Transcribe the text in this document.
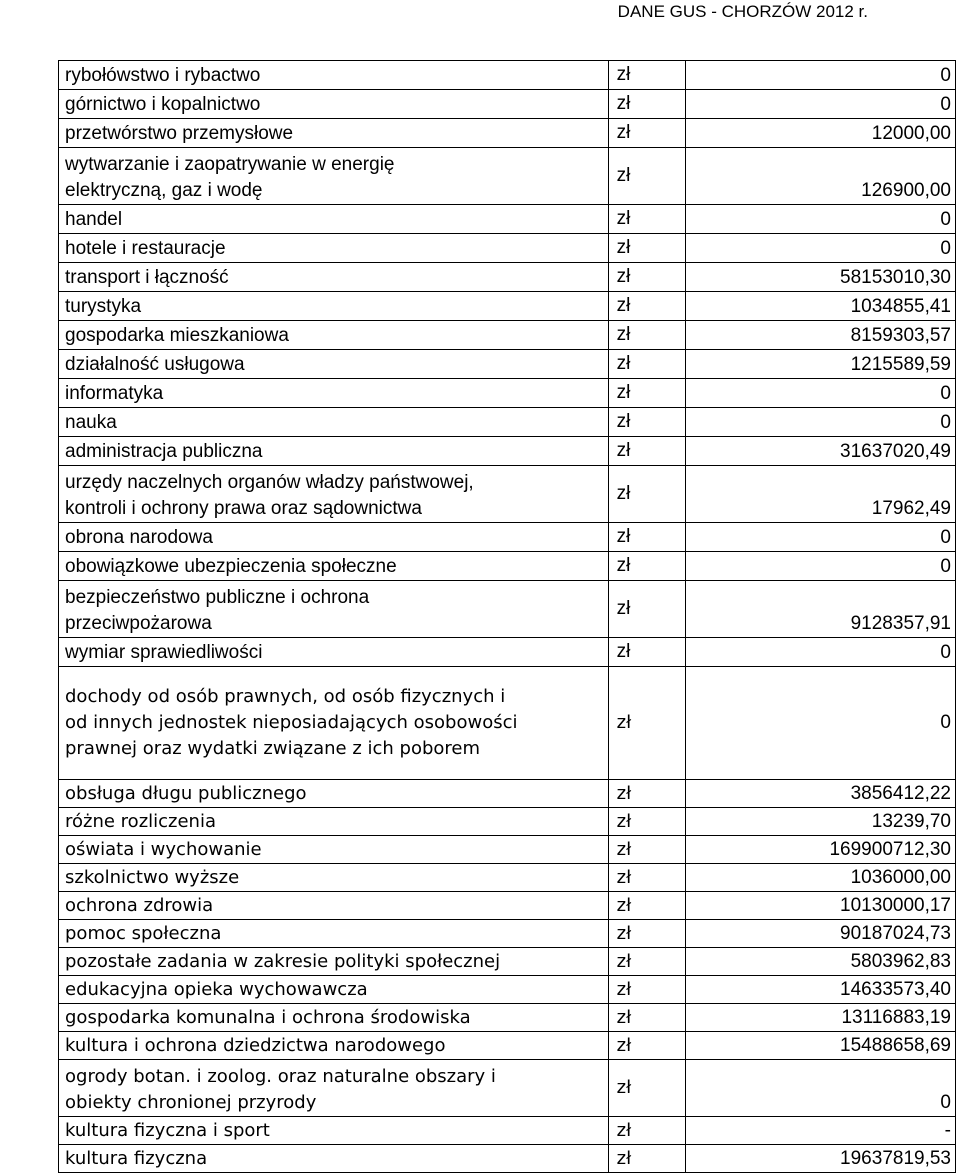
DANE GUS - CHORZÓW 2012 r.
rybołówstwo i rybactwo	zł	0

górnictwo i kopalnictwo	zł	0

przetwórstwo przemysłowe	zł	12000,00

wytwarzanie i zaopatrywanie w energię
elektryczną, gaz i wodę	zł	126900,00

handel	zł	0

hotele i restauracje	zł	0

transport i łączność	zł	58153010,30

turystyka	zł	1034855,41

gospodarka mieszkaniowa	zł	8159303,57

działalność usługowa	zł	1215589,59

informatyka	zł	0

nauka	zł	0

administracja publiczna	zł	31637020,49

urzędy naczelnych organów władzy państwowej,
kontroli i ochrony prawa oraz sądownictwa	zł	17962,49

obrona narodowa	zł	0

obowiązkowe ubezpieczenia społeczne	zł	0

bezpieczeństwo publiczne i ochrona
przeciwpożarowa	zł	9128357,91

wymiar sprawiedliwości	zł	0

dochody od osób prawnych, od osób fizycznych i
od innych jednostek nieposiadających osobowości
prawnej oraz wydatki związane z ich poborem	zł	0

obsługa długu publicznego	zł	3856412,22

różne rozliczenia	zł	13239,70

oświata i wychowanie	zł	169900712,30

szkolnictwo wyższe	zł	1036000,00

ochrona zdrowia	zł	10130000,17

pomoc społeczna	zł	90187024,73

pozostałe zadania w zakresie polityki społecznej	zł	5803962,83

edukacyjna opieka wychowawcza	zł	14633573,40

gospodarka komunalna i ochrona środowiska	zł	13116883,19

kultura i ochrona dziedzictwa narodowego	zł	15488658,69

ogrody botan. i zoolog. oraz naturalne obszary i
obiekty chronionej przyrody	zł	0

kultura fizyczna i sport	zł	-

kultura fizyczna	zł	19637819,53
